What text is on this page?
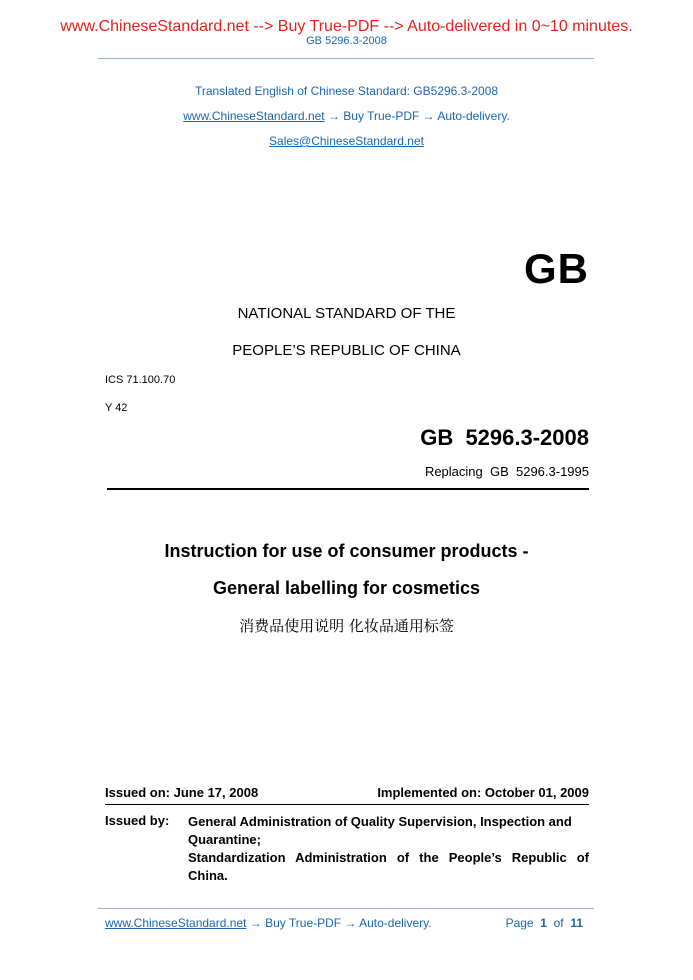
www.ChineseStandard.net --> Buy True-PDF --> Auto-delivered in 0~10 minutes.
GB 5296.3-2008
Translated English of Chinese Standard: GB5296.3-2008
www.ChineseStandard.net → Buy True-PDF → Auto-delivery.
Sales@ChineseStandard.net
GB
NATIONAL STANDARD OF THE
PEOPLE’S REPUBLIC OF CHINA
ICS 71.100.70
Y 42
GB  5296.3-2008
Replacing  GB  5296.3-1995
Instruction for use of consumer products -
General labelling for cosmetics
消费品使用说明 化妆品通用标签
Issued on: June 17, 2008	Implemented on: October 01, 2009
Issued by: General Administration of Quality Supervision, Inspection and Quarantine;
Standardization Administration of the People’s Republic of China.
www.ChineseStandard.net → Buy True-PDF → Auto-delivery.	Page  1  of  11
